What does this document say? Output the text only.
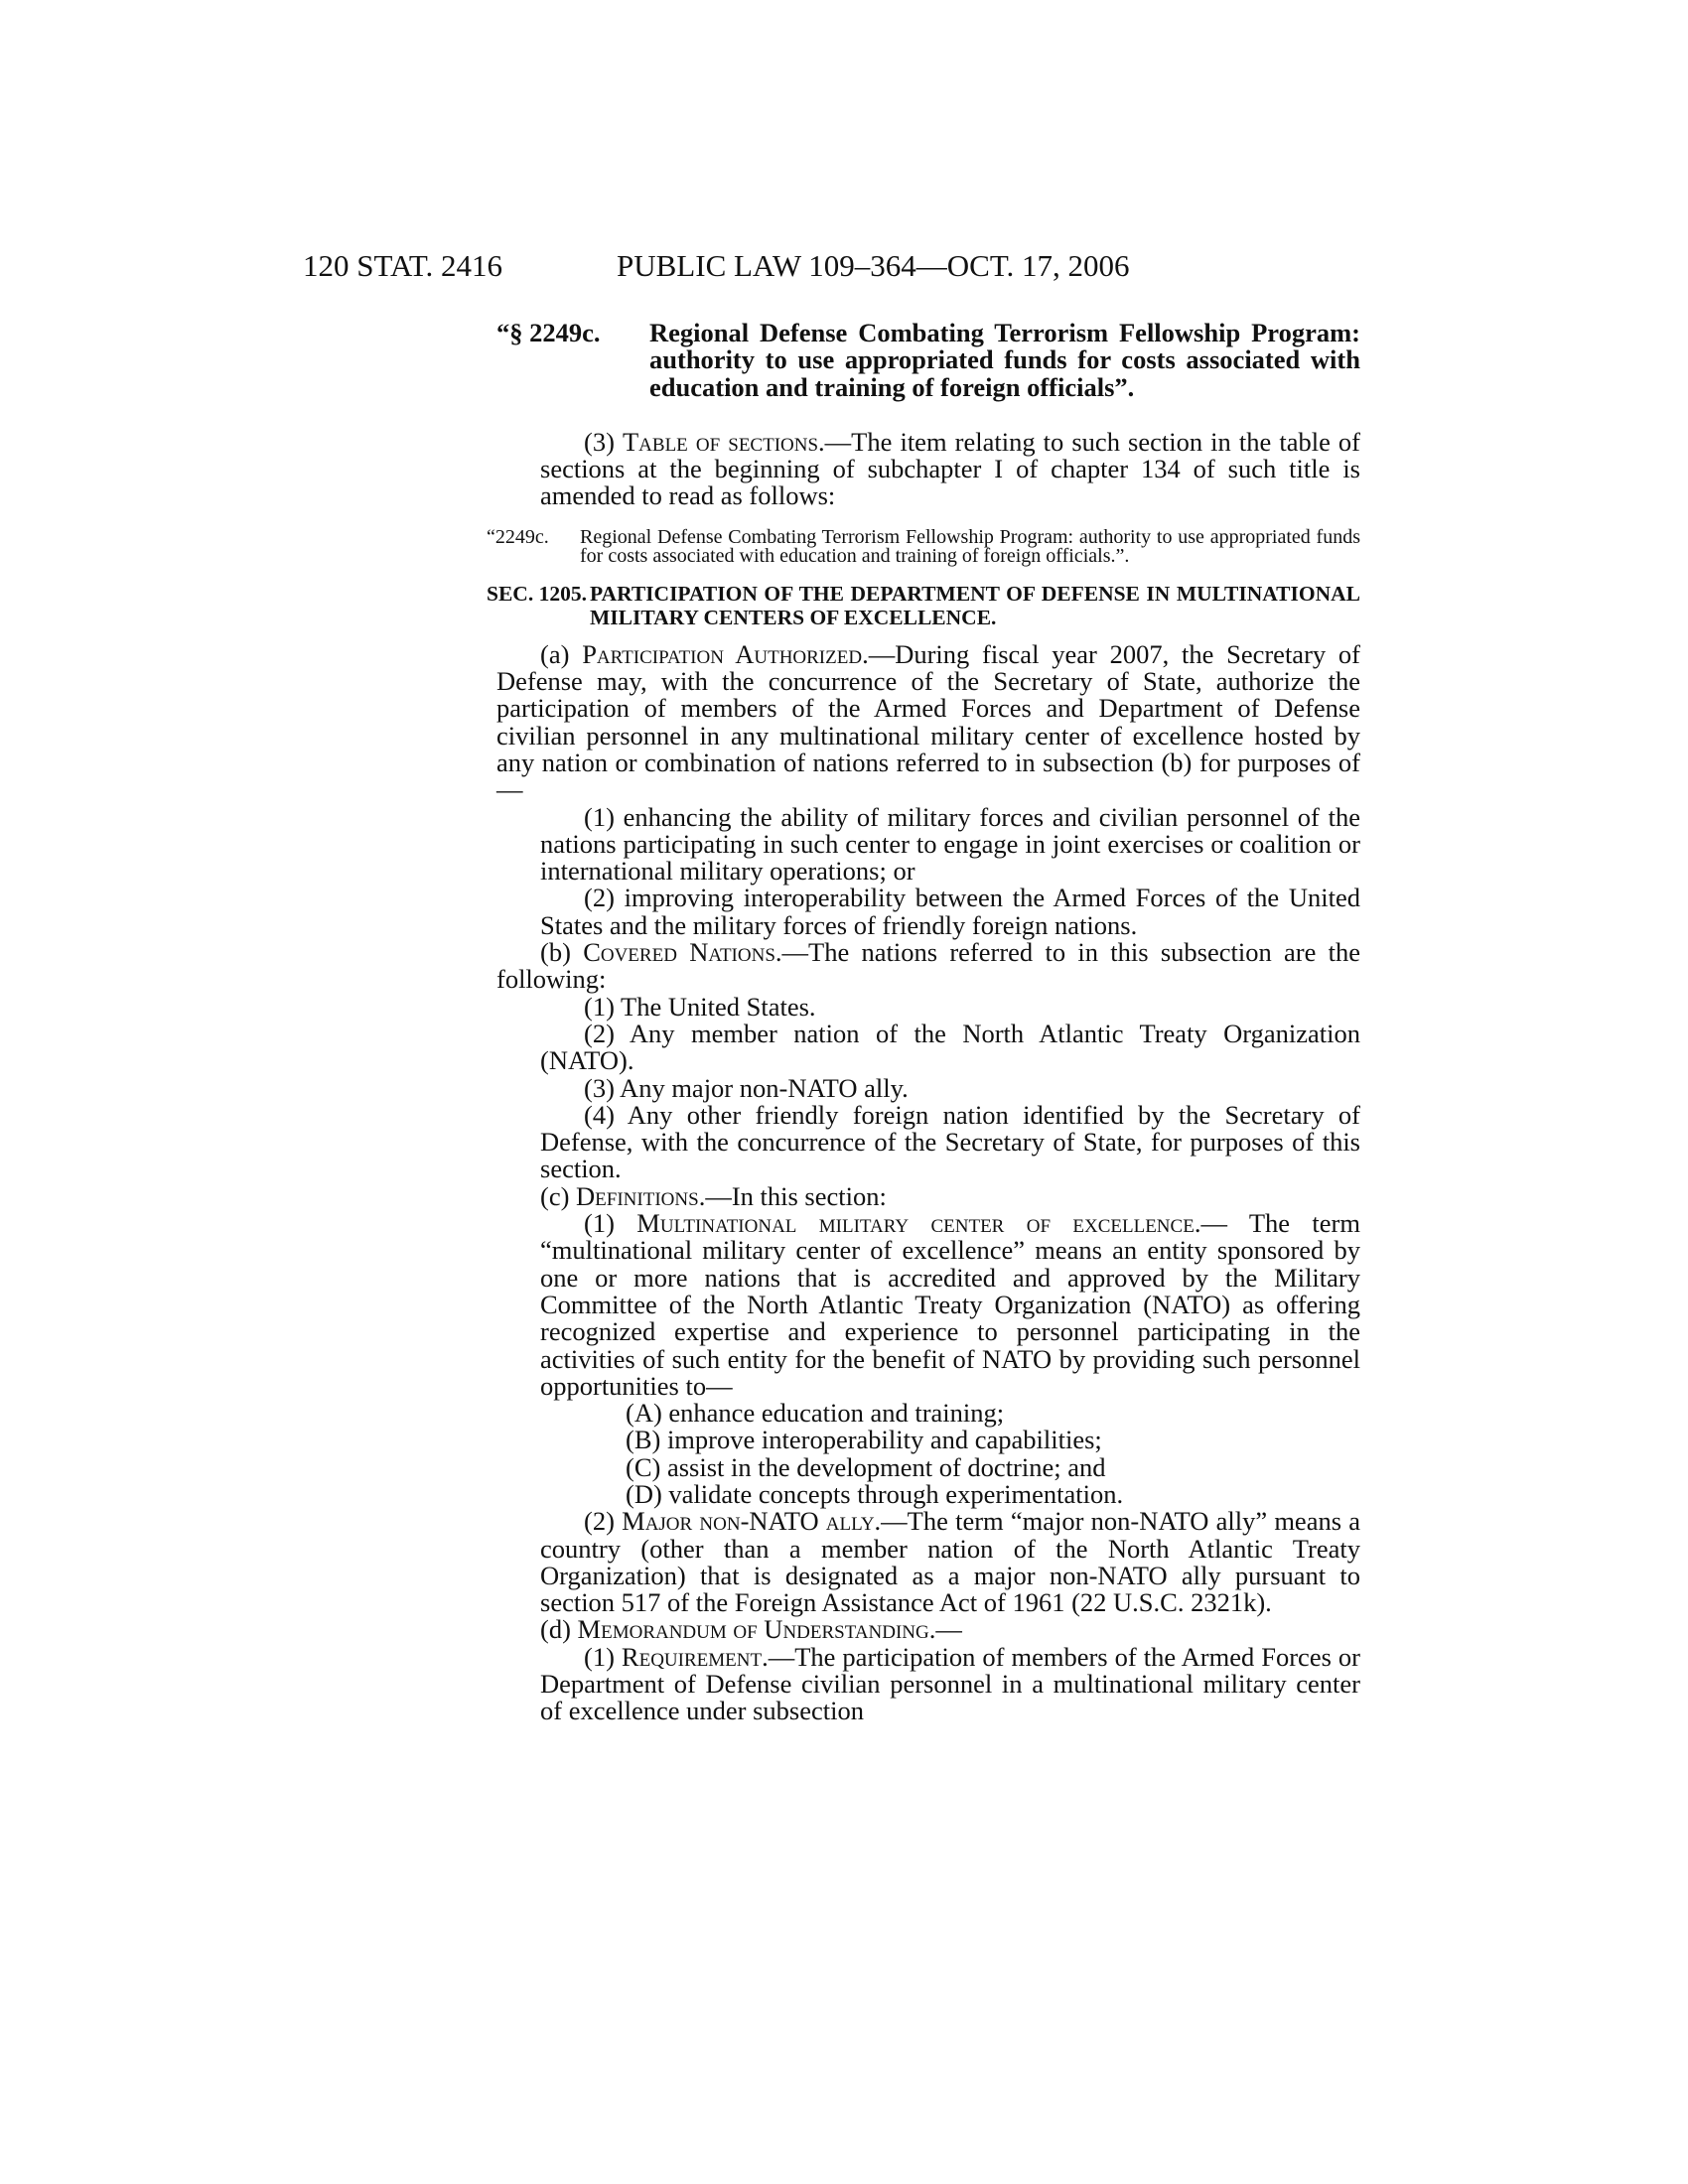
120 STAT. 2416	PUBLIC LAW 109–364—OCT. 17, 2006

“§ 2249c. Regional Defense Combating Terrorism Fellowship Program: authority to use appropriated funds for costs associated with education and training of foreign officials”.

(3) Table of sections.—The item relating to such section in the table of sections at the beginning of subchapter I of chapter 134 of such title is amended to read as follows:

“2249c. Regional Defense Combating Terrorism Fellowship Program: authority to use appropriated funds for costs associated with education and training of foreign officials.”.

SEC. 1205. PARTICIPATION OF THE DEPARTMENT OF DEFENSE IN MULTINATIONAL MILITARY CENTERS OF EXCELLENCE.

(a) Participation Authorized.—During fiscal year 2007, the Secretary of Defense may, with the concurrence of the Secretary of State, authorize the participation of members of the Armed Forces and Department of Defense civilian personnel in any multinational military center of excellence hosted by any nation or combination of nations referred to in subsection (b) for purposes of—

(1) enhancing the ability of military forces and civilian personnel of the nations participating in such center to engage in joint exercises or coalition or international military operations; or

(2) improving interoperability between the Armed Forces of the United States and the military forces of friendly foreign nations.

(b) Covered Nations.—The nations referred to in this subsection are the following:

(1) The United States.

(2) Any member nation of the North Atlantic Treaty Organization (NATO).

(3) Any major non-NATO ally.

(4) Any other friendly foreign nation identified by the Secretary of Defense, with the concurrence of the Secretary of State, for purposes of this section.

(c) Definitions.—In this section:

(1) Multinational military center of excellence.— The term “multinational military center of excellence” means an entity sponsored by one or more nations that is accredited and approved by the Military Committee of the North Atlantic Treaty Organization (NATO) as offering recognized expertise and experience to personnel participating in the activities of such entity for the benefit of NATO by providing such personnel opportunities to—

(A) enhance education and training;

(B) improve interoperability and capabilities;

(C) assist in the development of doctrine; and

(D) validate concepts through experimentation.

(2) Major non-NATO ally.—The term “major non-NATO ally” means a country (other than a member nation of the North Atlantic Treaty Organization) that is designated as a major non-NATO ally pursuant to section 517 of the Foreign Assistance Act of 1961 (22 U.S.C. 2321k).

(d) Memorandum of Understanding.—

(1) Requirement.—The participation of members of the Armed Forces or Department of Defense civilian personnel in a multinational military center of excellence under subsection
